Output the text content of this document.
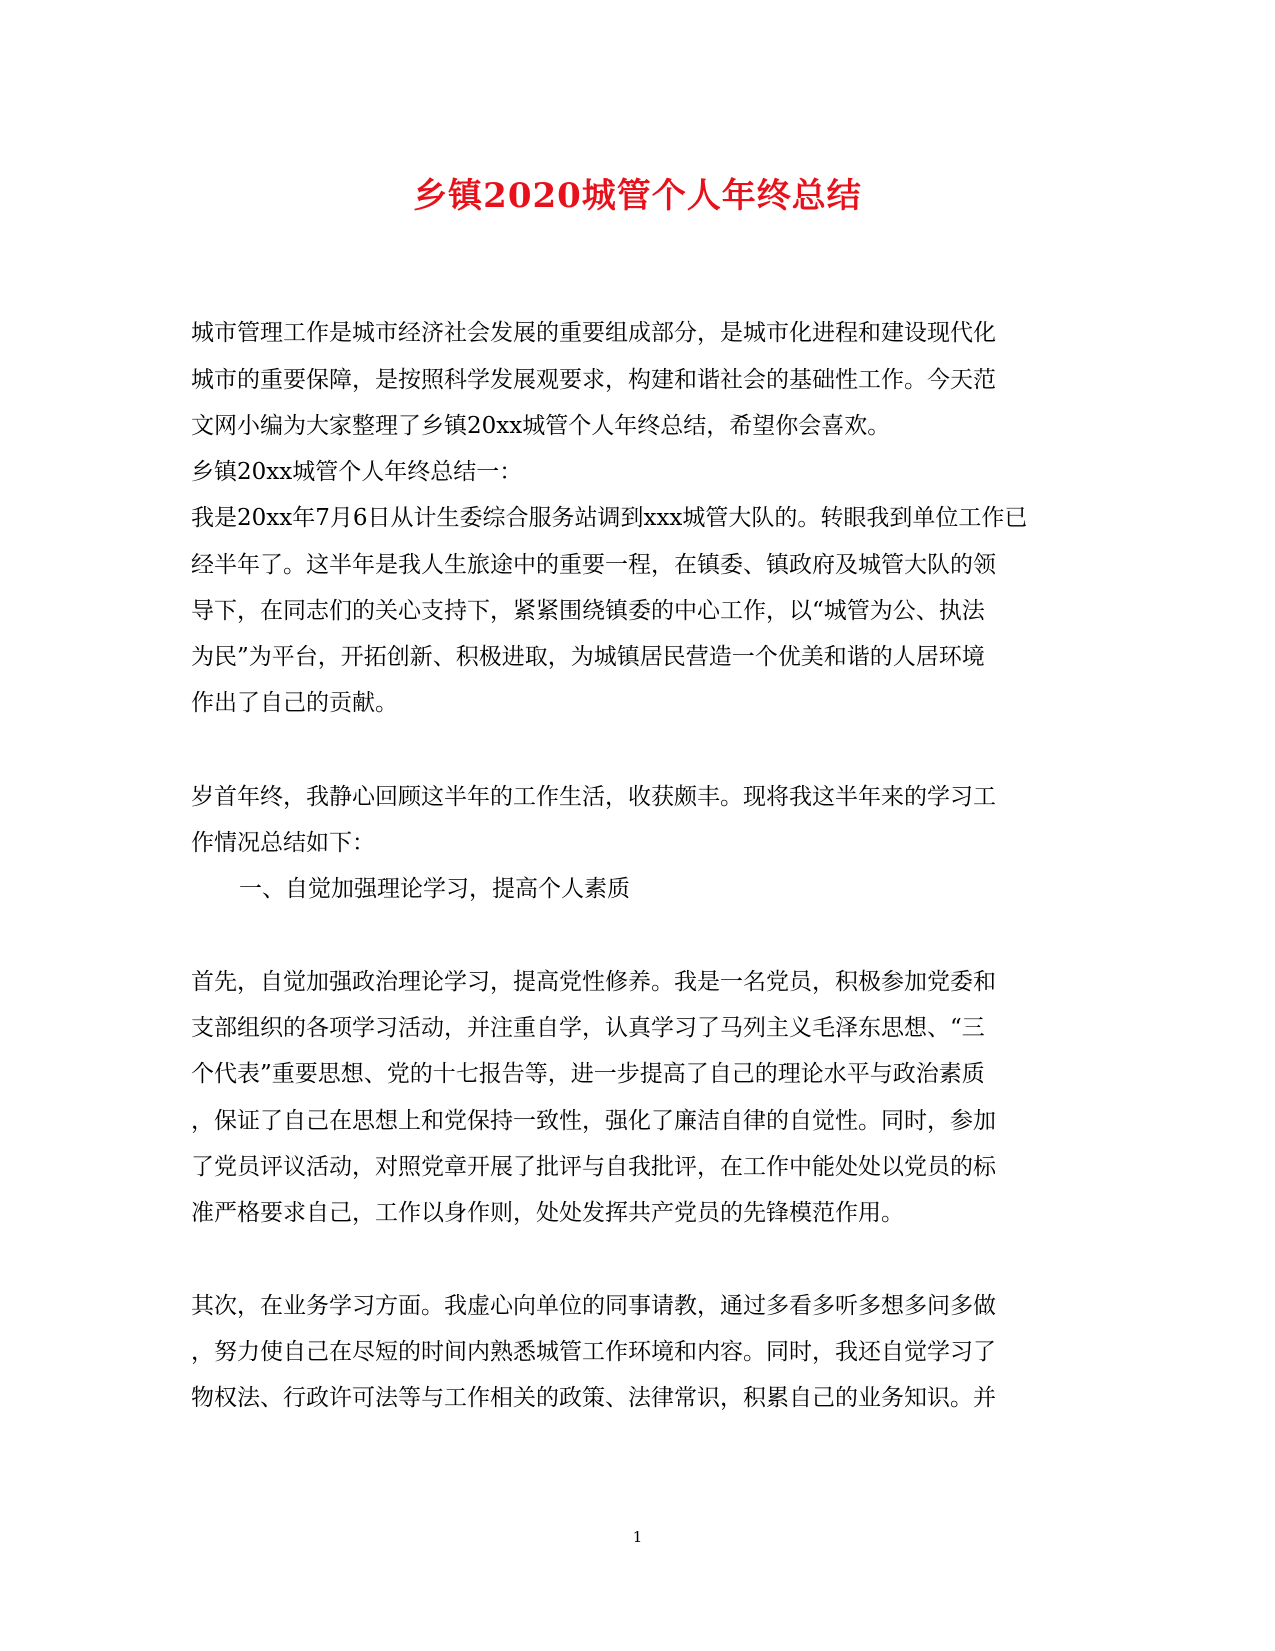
乡镇2020城管个人年终总结
城市管理工作是城市经济社会发展的重要组成部分，是城市化进程和建设现代化
城市的重要保障，是按照科学发展观要求，构建和谐社会的基础性工作。今天范
文网小编为大家整理了乡镇20xx城管个人年终总结，希望你会喜欢。
乡镇20xx城管个人年终总结一：
我是20xx年7月6日从计生委综合服务站调到xxx城管大队的。转眼我到单位工作已
经半年了。这半年是我人生旅途中的重要一程，在镇委、镇政府及城管大队的领
导下，在同志们的关心支持下，紧紧围绕镇委的中心工作，以“城管为公、执法
为民”为平台，开拓创新、积极进取，为城镇居民营造一个优美和谐的人居环境
作出了自己的贡献。
岁首年终，我静心回顾这半年的工作生活，收获颇丰。现将我这半年来的学习工
作情况总结如下：
一、自觉加强理论学习，提高个人素质
首先，自觉加强政治理论学习，提高党性修养。我是一名党员，积极参加党委和
支部组织的各项学习活动，并注重自学，认真学习了马列主义毛泽东思想、“三
个代表”重要思想、党的十七报告等，进一步提高了自己的理论水平与政治素质
，保证了自己在思想上和党保持一致性，强化了廉洁自律的自觉性。同时，参加
了党员评议活动，对照党章开展了批评与自我批评，在工作中能处处以党员的标
准严格要求自己，工作以身作则，处处发挥共产党员的先锋模范作用。
其次，在业务学习方面。我虚心向单位的同事请教，通过多看多听多想多问多做
，努力使自己在尽短的时间内熟悉城管工作环境和内容。同时，我还自觉学习了
物权法、行政许可法等与工作相关的政策、法律常识，积累自己的业务知识。并
1
